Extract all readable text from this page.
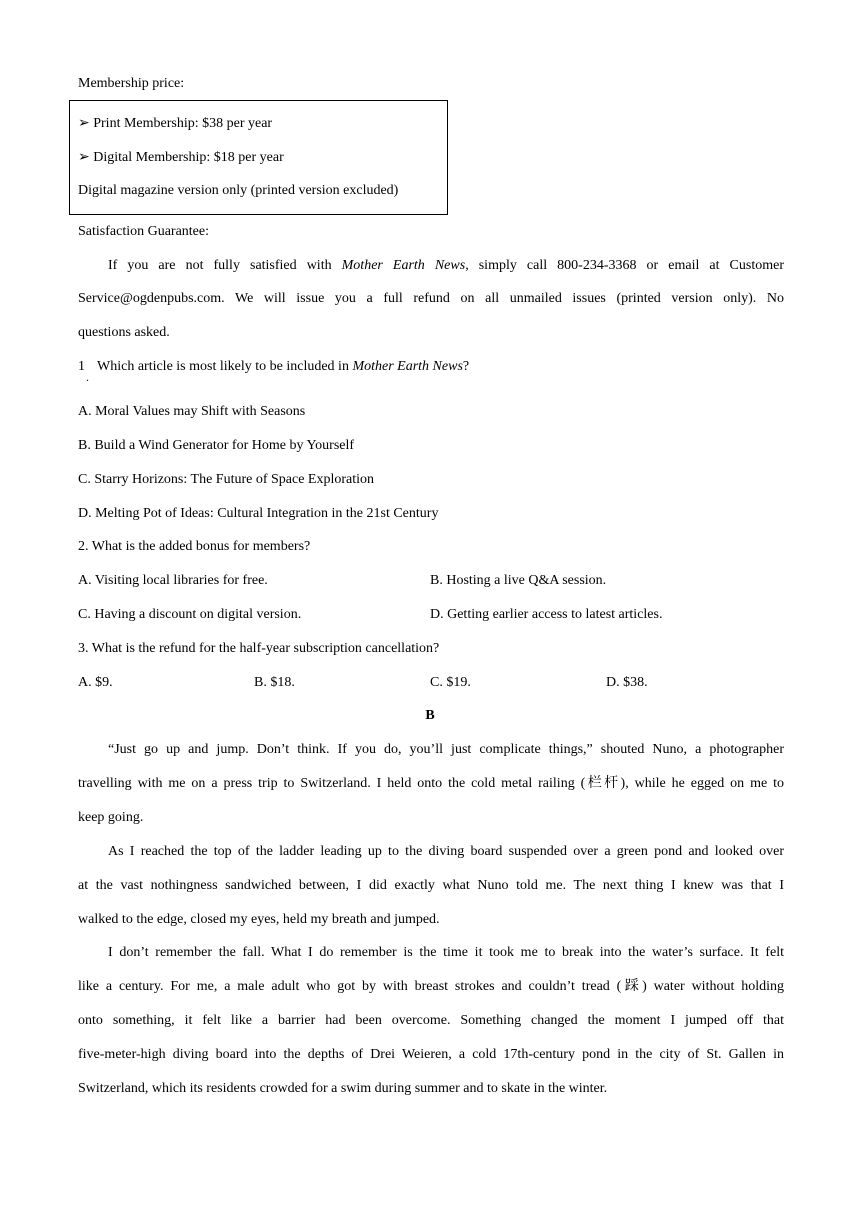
Membership price:
➢ Print Membership: $38 per year
➢ Digital Membership: $18 per year
Digital magazine version only (printed version excluded)
Satisfaction Guarantee:
If you are not fully satisfied with Mother Earth News, simply call 800-234-3368 or email at Customer
Service@ogdenpubs.com. We will issue you a full refund on all unmailed issues (printed version only). No
questions asked.
1
.
Which article is most likely to be included in Mother Earth News?
A. Moral Values may Shift with Seasons
B. Build a Wind Generator for Home by Yourself
C. Starry Horizons: The Future of Space Exploration
D. Melting Pot of Ideas: Cultural Integration in the 21st Century
2. What is the added bonus for members?
A. Visiting local libraries for free.	B. Hosting a live Q&A session.
C. Having a discount on digital version.	D. Getting earlier access to latest articles.
3. What is the refund for the half-year subscription cancellation?
A. $9.	B. $18.	C. $19.	D. $38.
B
“Just go up and jump. Don’t think. If you do, you’ll just complicate things,” shouted Nuno, a photographer
travelling with me on a press trip to Switzerland. I held onto the cold metal railing (栏杆), while he egged on me to
keep going.
As I reached the top of the ladder leading up to the diving board suspended over a green pond and looked over
at the vast nothingness sandwiched between, I did exactly what Nuno told me. The next thing I knew was that I
walked to the edge, closed my eyes, held my breath and jumped.
I don’t remember the fall. What I do remember is the time it took me to break into the water’s surface. It felt
like a century. For me, a male adult who got by with breast strokes and couldn’t tread (踩) water without holding
onto something, it felt like a barrier had been overcome. Something changed the moment I jumped off that
five-meter-high diving board into the depths of Drei Weieren, a cold 17th-century pond in the city of St. Gallen in
Switzerland, which its residents crowded for a swim during summer and to skate in the winter.
